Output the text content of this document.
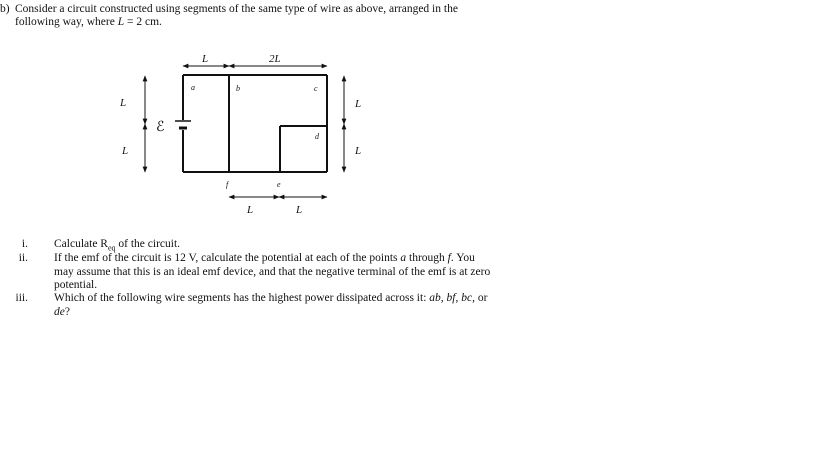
b) Consider a circuit constructed using segments of the same type of wire as above, arranged in the
following way, where L = 2 cm.
ℰ
L	2L
L
L
L
L
L	L
a	b	c
d
e
f
i. Calculate $R_{eq}$ of the circuit.
ii. If the emf of the circuit is 12 V, calculate the potential at each of the points a through f. You
may assume that this is an ideal emf device, and that the negative terminal of the emf is at zero
potential.
iii. Which of the following wire segments has the highest power dissipated across it: ab, bf, bc, or
de?
